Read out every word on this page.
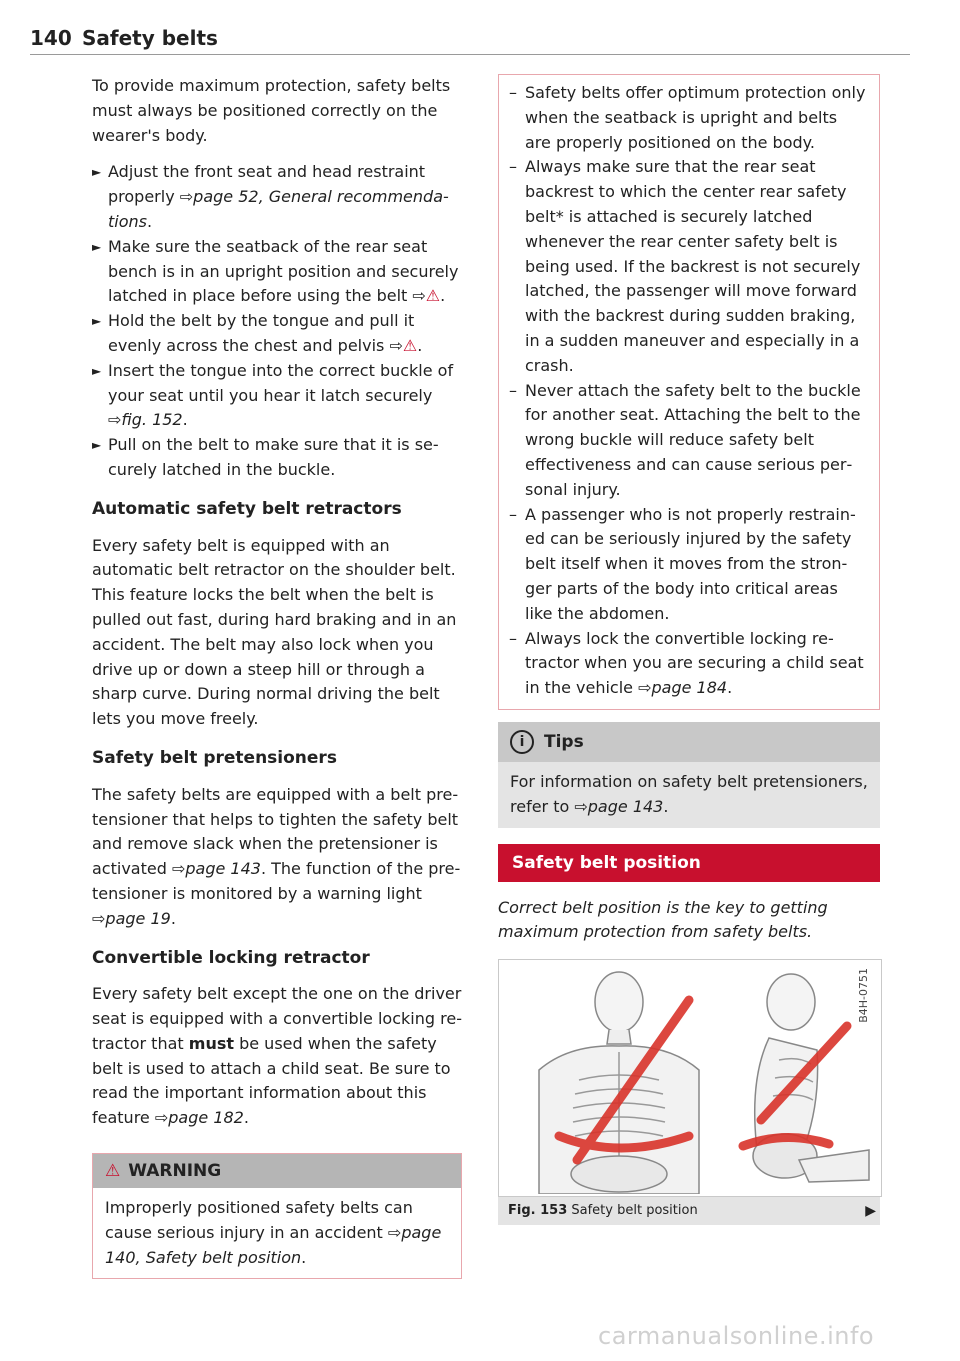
140 Safety belts

To provide maximum protection, safety belts must always be positioned correctly on the wearer's body.

► Adjust the front seat and head restraint properly ⇨page 52, General recommendations.

► Make sure the seatback of the rear seat bench is in an upright position and securely latched in place before using the belt ⇨⚠.

► Hold the belt by the tongue and pull it evenly across the chest and pelvis ⇨⚠.

► Insert the tongue into the correct buckle of your seat until you hear it latch securely ⇨fig. 152.

► Pull on the belt to make sure that it is securely latched in the buckle.

Automatic safety belt retractors

Every safety belt is equipped with an automatic belt retractor on the shoulder belt. This feature locks the belt when the belt is pulled out fast, during hard braking and in an accident. The belt may also lock when you drive up or down a steep hill or through a sharp curve. During normal driving the belt lets you move freely.

Safety belt pretensioners

The safety belts are equipped with a belt pretensioner that helps to tighten the safety belt and remove slack when the pretensioner is activated ⇨page 143. The function of the pretensioner is monitored by a warning light ⇨page 19.

Convertible locking retractor

Every safety belt except the one on the driver seat is equipped with a convertible locking retractor that must be used when the safety belt is used to attach a child seat. Be sure to read the important information about this feature ⇨page 182.

⚠ WARNING
Improperly positioned safety belts can cause serious injury in an accident ⇨page 140, Safety belt position.
– Safety belts offer optimum protection only when the seatback is upright and belts are properly positioned on the body.
– Always make sure that the rear seat backrest to which the center rear safety belt* is attached is securely latched whenever the rear center safety belt is being used. If the backrest is not securely latched, the passenger will move forward with the backrest during sudden braking, in a sudden maneuver and especially in a crash.
– Never attach the safety belt to the buckle for another seat. Attaching the belt to the wrong buckle will reduce safety belt effectiveness and can cause serious personal injury.
– A passenger who is not properly restrained can be seriously injured by the safety belt itself when it moves from the stronger parts of the body into critical areas like the abdomen.
– Always lock the convertible locking retractor when you are securing a child seat in the vehicle ⇨page 184.
i Tips
For information on safety belt pretensioners, refer to ⇨page 143.
Safety belt position
Correct belt position is the key to getting maximum protection from safety belts.
B4H-0751
Fig. 153 Safety belt position	▶
carmanualsonline.info
